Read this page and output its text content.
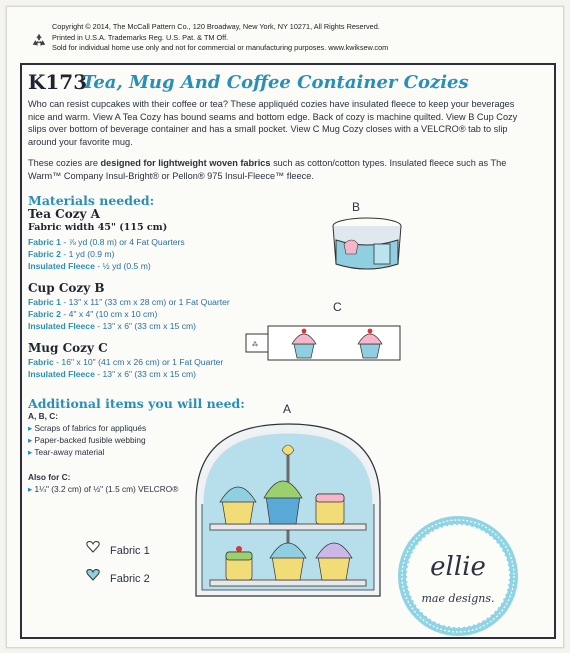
Copyright © 2014, The McCall Pattern Co., 120 Broadway, New York, NY 10271, All Rights Reserved.
Printed in U.S.A. Trademarks Reg. U.S. Pat. & TM Off.
Sold for individual home use only and not for commercial or manufacturing purposes. www.kwiksew.com
K173
Tea, Mug And Coffee Container Cozies
Who can resist cupcakes with their coffee or tea? These appliquéd cozies have insulated fleece to keep your beverages nice and warm. View A Tea Cozy has bound seams and bottom edge. Back of cozy is machine quilted. View B Cup Cozy slips over bottom of beverage container and has a small pocket. View C Mug Cozy closes with a VELCRO® tab to slip around your favorite mug.
These cozies are designed for lightweight woven fabrics such as cotton/cotton types. Insulated fleece such as The Warm™ Company Insul-Bright® or Pellon® 975 Insul-Fleece™ fleece.
Materials needed:
Tea Cozy A
Fabric width 45" (115 cm)
Fabric 1 - ⅞ yd (0.8 m) or 4 Fat Quarters
Fabric 2 - 1 yd (0.9 m)
Insulated Fleece - ½ yd (0.5 m)
Cup Cozy B
Fabric 1 - 13" x 11" (33 cm x 28 cm) or 1 Fat Quarter
Fabric 2 - 4" x 4" (10 cm x 10 cm)
Insulated Fleece - 13" x 6" (33 cm x 15 cm)
Mug Cozy C
Fabric - 16" x 10" (41 cm x 26 cm) or 1 Fat Quarter
Insulated Fleece - 13" x 6" (33 cm x 15 cm)
Additional items you will need:
A, B, C:
▸ Scraps of fabrics for appliqués
▸ Paper-backed fusible webbing
▸ Tear-away material
Also for C:
▸ 1¼" (3.2 cm) of ½" (1.5 cm) VELCRO®
B
C
A
⁂
Fabric 1
Fabric 2	ellie
mae designs.
